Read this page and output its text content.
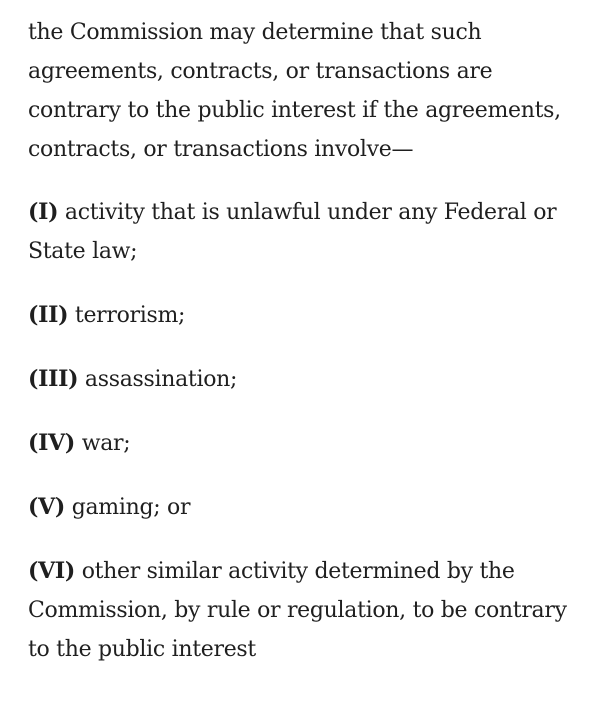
the Commission may determine that such agreements, contracts, or transactions are contrary to the public interest if the agreements, contracts, or transactions involve—

(I) activity that is unlawful under any Federal or State law;

(II) terrorism;

(III) assassination;

(IV) war;

(V) gaming; or

(VI) other similar activity determined by the Commission, by rule or regulation, to be contrary to the public interest
